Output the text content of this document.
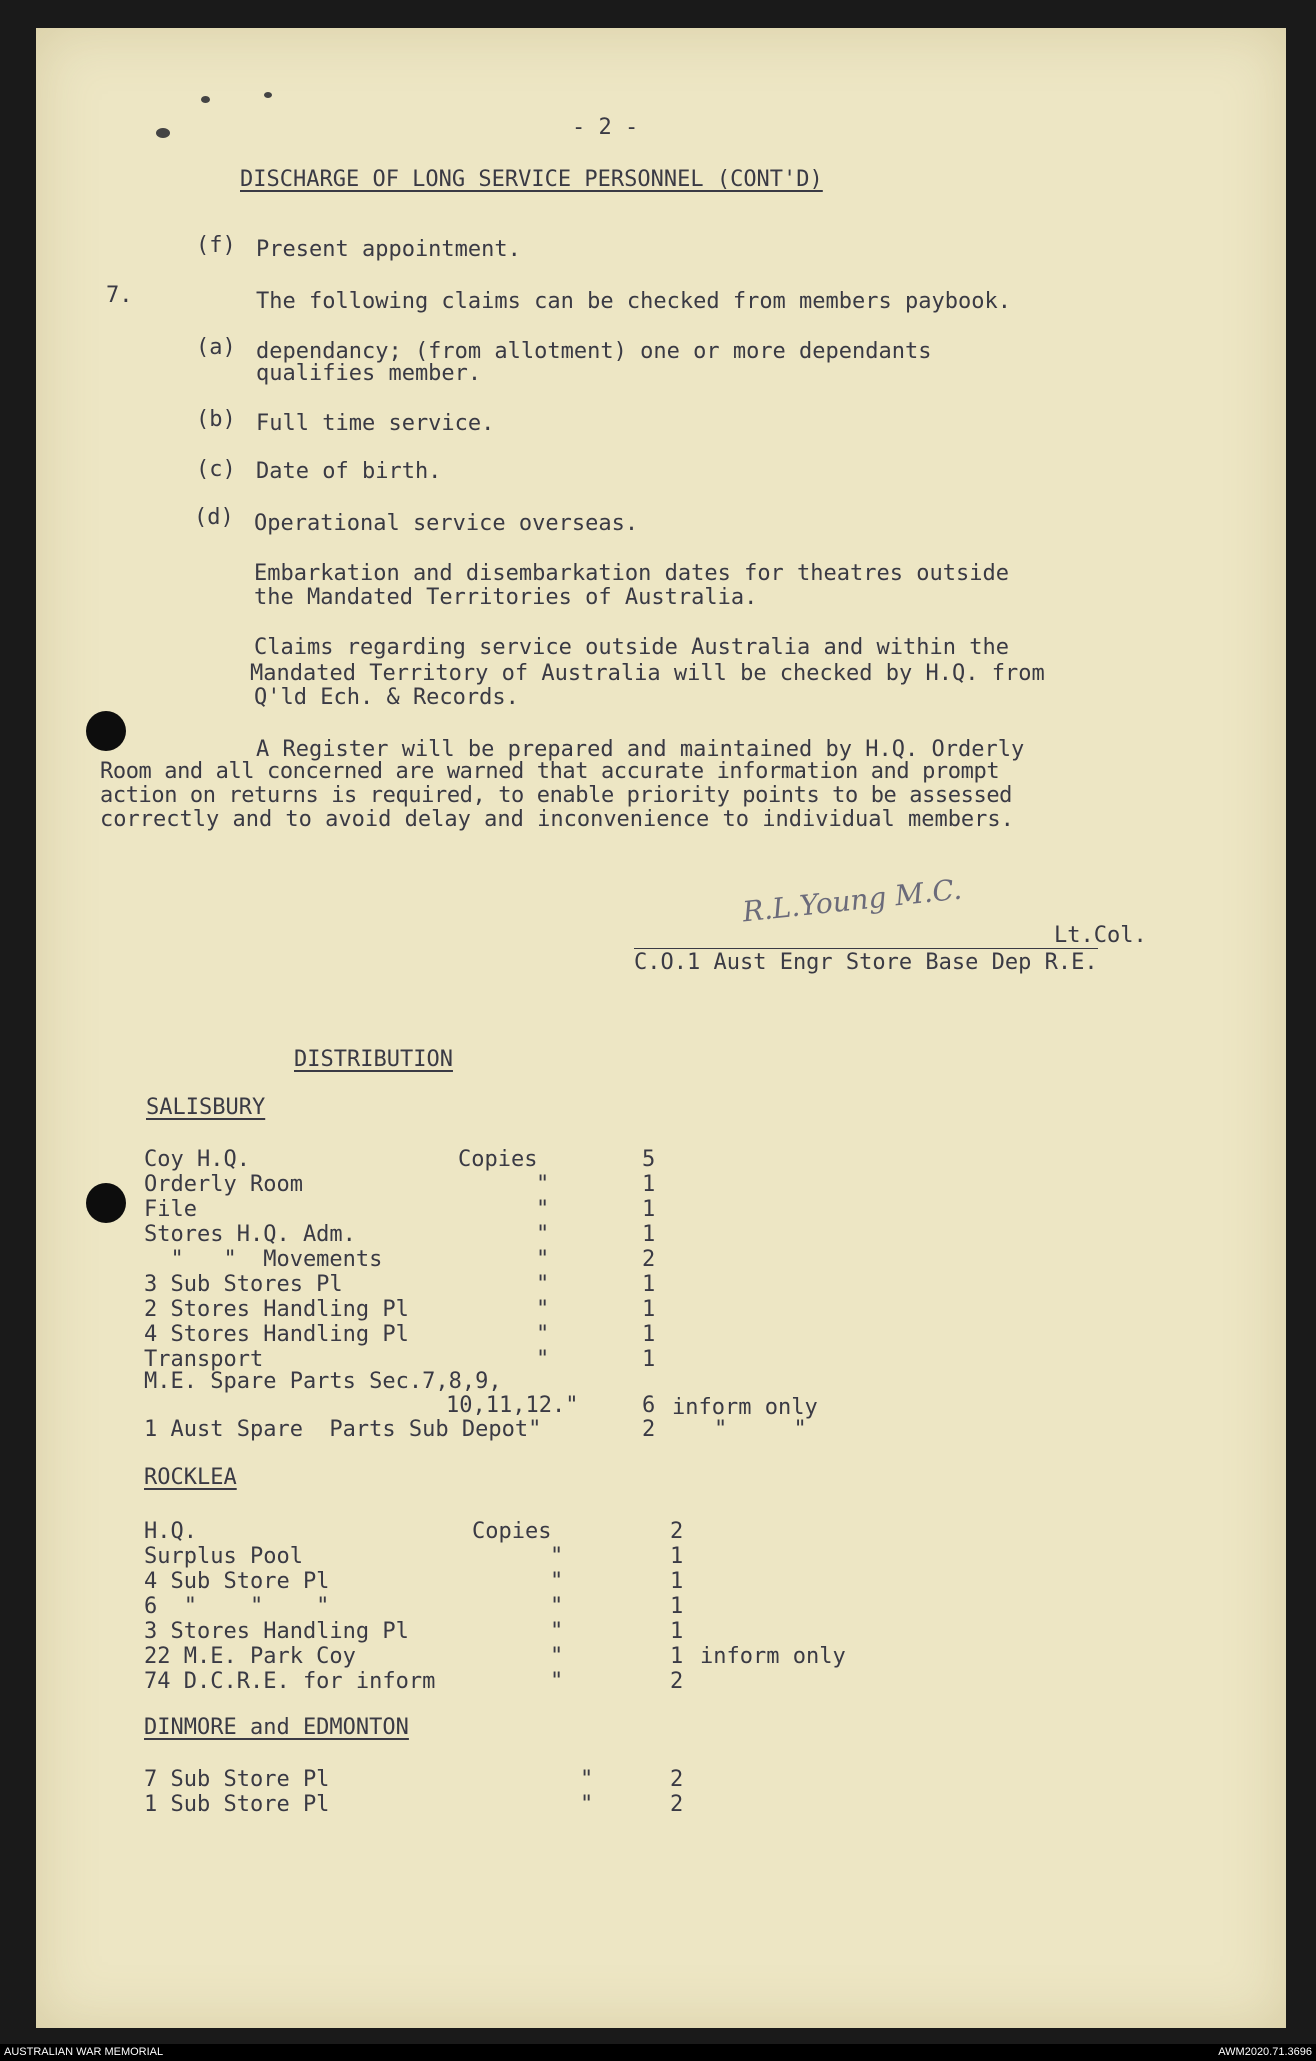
- 2 -
DISCHARGE OF LONG SERVICE PERSONNEL (CONT'D)
(f) Present appointment.
7.	The following claims can be checked from members paybook.
(a) dependancy; (from allotment) one or more dependants
qualifies member.
(b) Full time service.
(c) Date of birth.
(d) Operational service overseas.
Embarkation and disembarkation dates for theatres outside
the Mandated Territories of Australia.
Claims regarding service outside Australia and within the
Mandated Territory of Australia will be checked by H.Q. from
Q'ld Ech. & Records.
A Register will be prepared and maintained by H.Q. Orderly
Room and all concerned are warned that accurate information and prompt
action on returns is required, to enable priority points to be assessed
correctly and to avoid delay and inconvenience to individual members.
R.L.Young M.C.
Lt.Col.
C.O.1 Aust Engr Store Base Dep R.E.
DISTRIBUTION
SALISBURY
Coy H.Q.	Copies	5
Orderly Room	"	1
File	"	1
Stores H.Q. Adm.	"	1
"   "  Movements	"	2
3 Sub Stores Pl	"	1
2 Stores Handling Pl	"	1
4 Stores Handling Pl	"	1
Transport	"	1
M.E. Spare Parts Sec.7,8,9,
10,11,12."	6 inform only
1 Aust Spare  Parts Sub Depot"	2	"     "
ROCKLEA
H.Q.	Copies	2
Surplus Pool	"	1
4 Sub Store Pl	"	1
6  "    "    "	"	1
3 Stores Handling Pl	"	1
22 M.E. Park Coy	"	1 inform only
74 D.C.R.E. for inform	"	2
DINMORE and EDMONTON
7 Sub Store Pl	"	2
1 Sub Store Pl	"	2
AUSTRALIAN WAR MEMORIAL	AWM2020.71.3696
